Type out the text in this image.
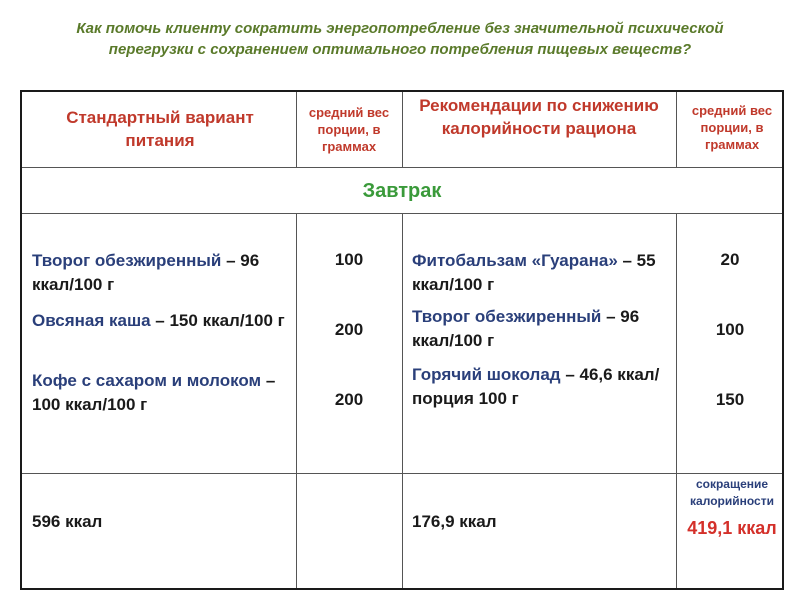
Как помочь клиенту сократить энергопотребление без значительной психической перегрузки с сохранением оптимального потребления пищевых веществ?
Стандартный вариант питания
средний вес порции, в граммах
Рекомендации по снижению калорийности рациона
средний вес порции, в граммах
Завтрак
Творог обезжиренный – 96 ккал/100 г
Овсяная каша – 150 ккал/100 г
Кофе с сахаром и молоком – 100 ккал/100 г
100
200
200
Фитобальзам «Гуарана» – 55 ккал/100 г
Творог обезжиренный – 96 ккал/100 г
Горячий шоколад – 46,6 ккал/порция 100 г
20
100
150
596 ккал	176,9 ккал
сокращение калорийности
419,1 ккал
